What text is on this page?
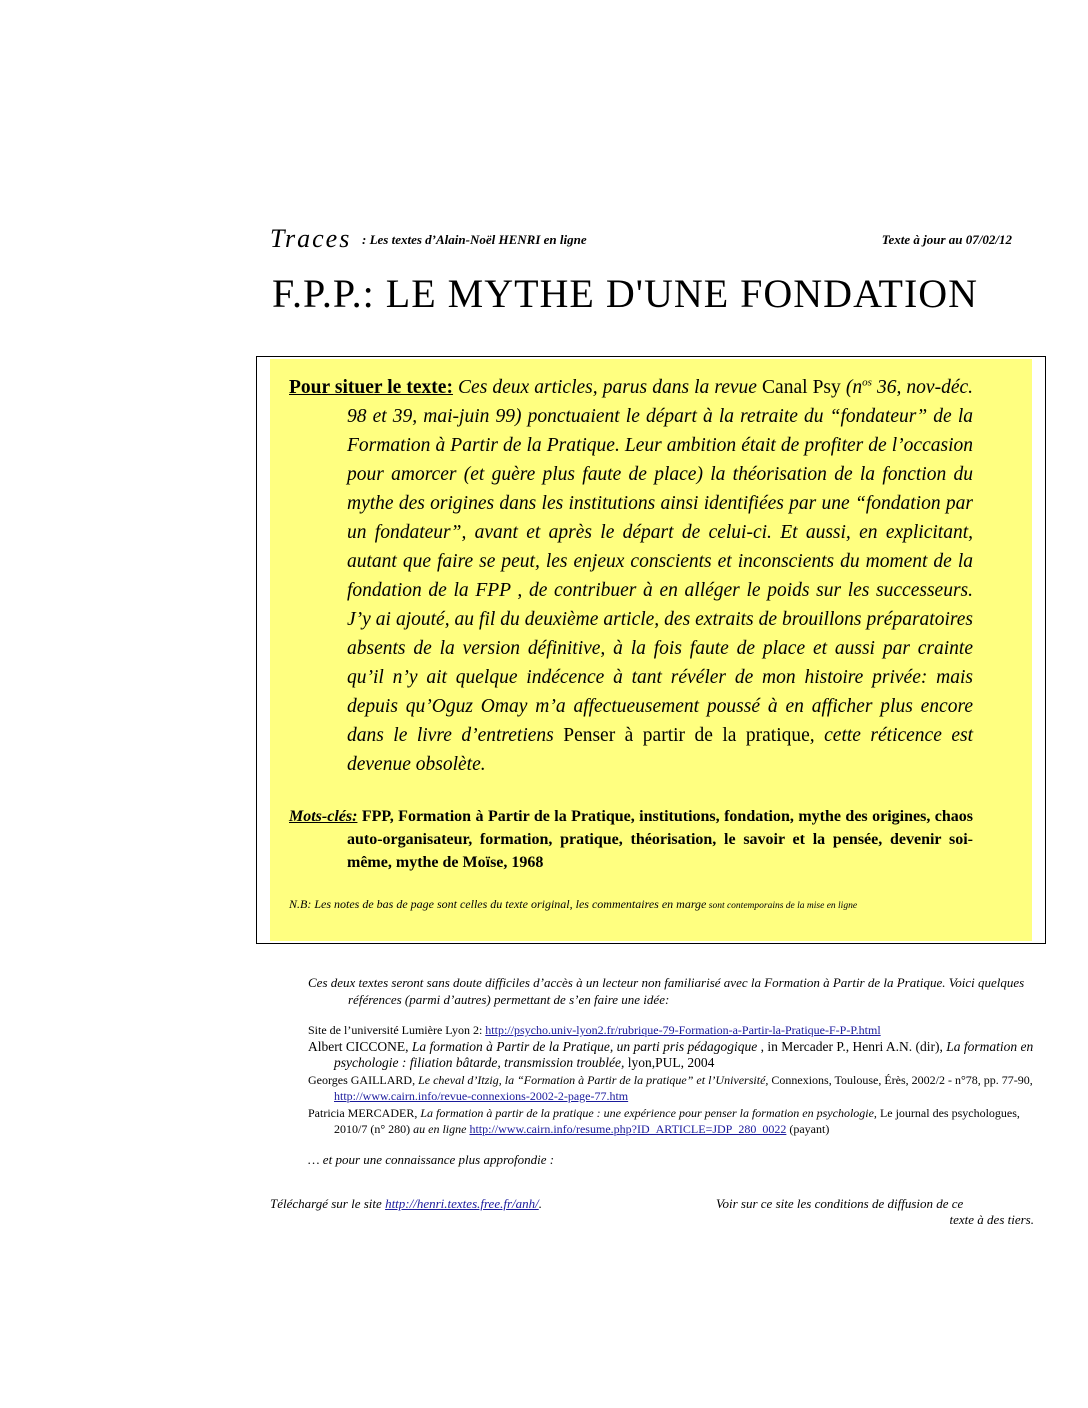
Traces : Les textes d’Alain-Noël HENRI en ligne	Texte à jour au 07/02/12
F.P.P.: LE MYTHE D'UNE FONDATION

Pour situer le texte: Ces deux articles, parus dans la revue Canal Psy ($n^{os}$ 36, nov-déc. 98 et 39, mai-juin 99) ponctuaient le départ à la retraite du “fondateur” de la Formation à Partir de la Pratique. Leur ambition était de profiter de l’occasion pour amorcer (et guère plus faute de place) la théorisation de la fonction du mythe des origines dans les institutions ainsi identifiées par une “fondation par un fondateur”, avant et après le départ de celui-ci. Et aussi, en explicitant, autant que faire se peut, les enjeux conscients et inconscients du moment de la fondation de la FPP , de contribuer à en alléger le poids sur les successeurs. J’y ai ajouté, au fil du deuxième article, des extraits de brouillons préparatoires absents de la version définitive, à la fois faute de place et aussi par crainte qu’il n’y ait quelque indécence à tant révéler de mon histoire privée: mais depuis qu’Oguz Omay m’a affectueusement poussé à en afficher plus encore dans le livre d’entretiens Penser à partir de la pratique, cette réticence est devenue obsolète.

Mots-clés: FPP, Formation à Partir de la Pratique, institutions, fondation, mythe des origines, chaos auto-organisateur, formation, pratique, théorisation, le savoir et la pensée, devenir soi-même, mythe de Moïse, 1968

N.B: Les notes de bas de page sont celles du texte original, les commentaires en marge sont contemporains de la mise en ligne

Ces deux textes seront sans doute difficiles d’accès à un lecteur non familiarisé avec la Formation à Partir de la Pratique. Voici quelques références (parmi d’autres) permettant de s’en faire une idée:

Site de l’université Lumière Lyon 2: http://psycho.univ-lyon2.fr/rubrique-79-Formation-a-Partir-la-Pratique-F-P-P.html

Albert CICCONE, La formation à Partir de la Pratique, un parti pris pédagogique , in Mercader P., Henri A.N. (dir), La formation en psychologie : filiation bâtarde, transmission troublée, lyon,PUL, 2004

Georges GAILLARD, Le cheval d’Itzig, la “Formation à Partir de la pratique” et l’Université, Connexions, Toulouse, Érès, 2002/2 - n°78, pp. 77-90, http://www.cairn.info/revue-connexions-2002-2-page-77.htm

Patricia MERCADER, La formation à partir de la pratique : une expérience pour penser la formation en psychologie, Le journal des psychologues, 2010/7 (n° 280) au en ligne http://www.cairn.info/resume.php?ID_ARTICLE=JDP_280_0022 (payant)

… et pour une connaissance plus approfondie :
Téléchargé sur le site http://henri.textes.free.fr/anh/.	Voir sur ce site les conditions de diffusion de ce
texte à des tiers.
